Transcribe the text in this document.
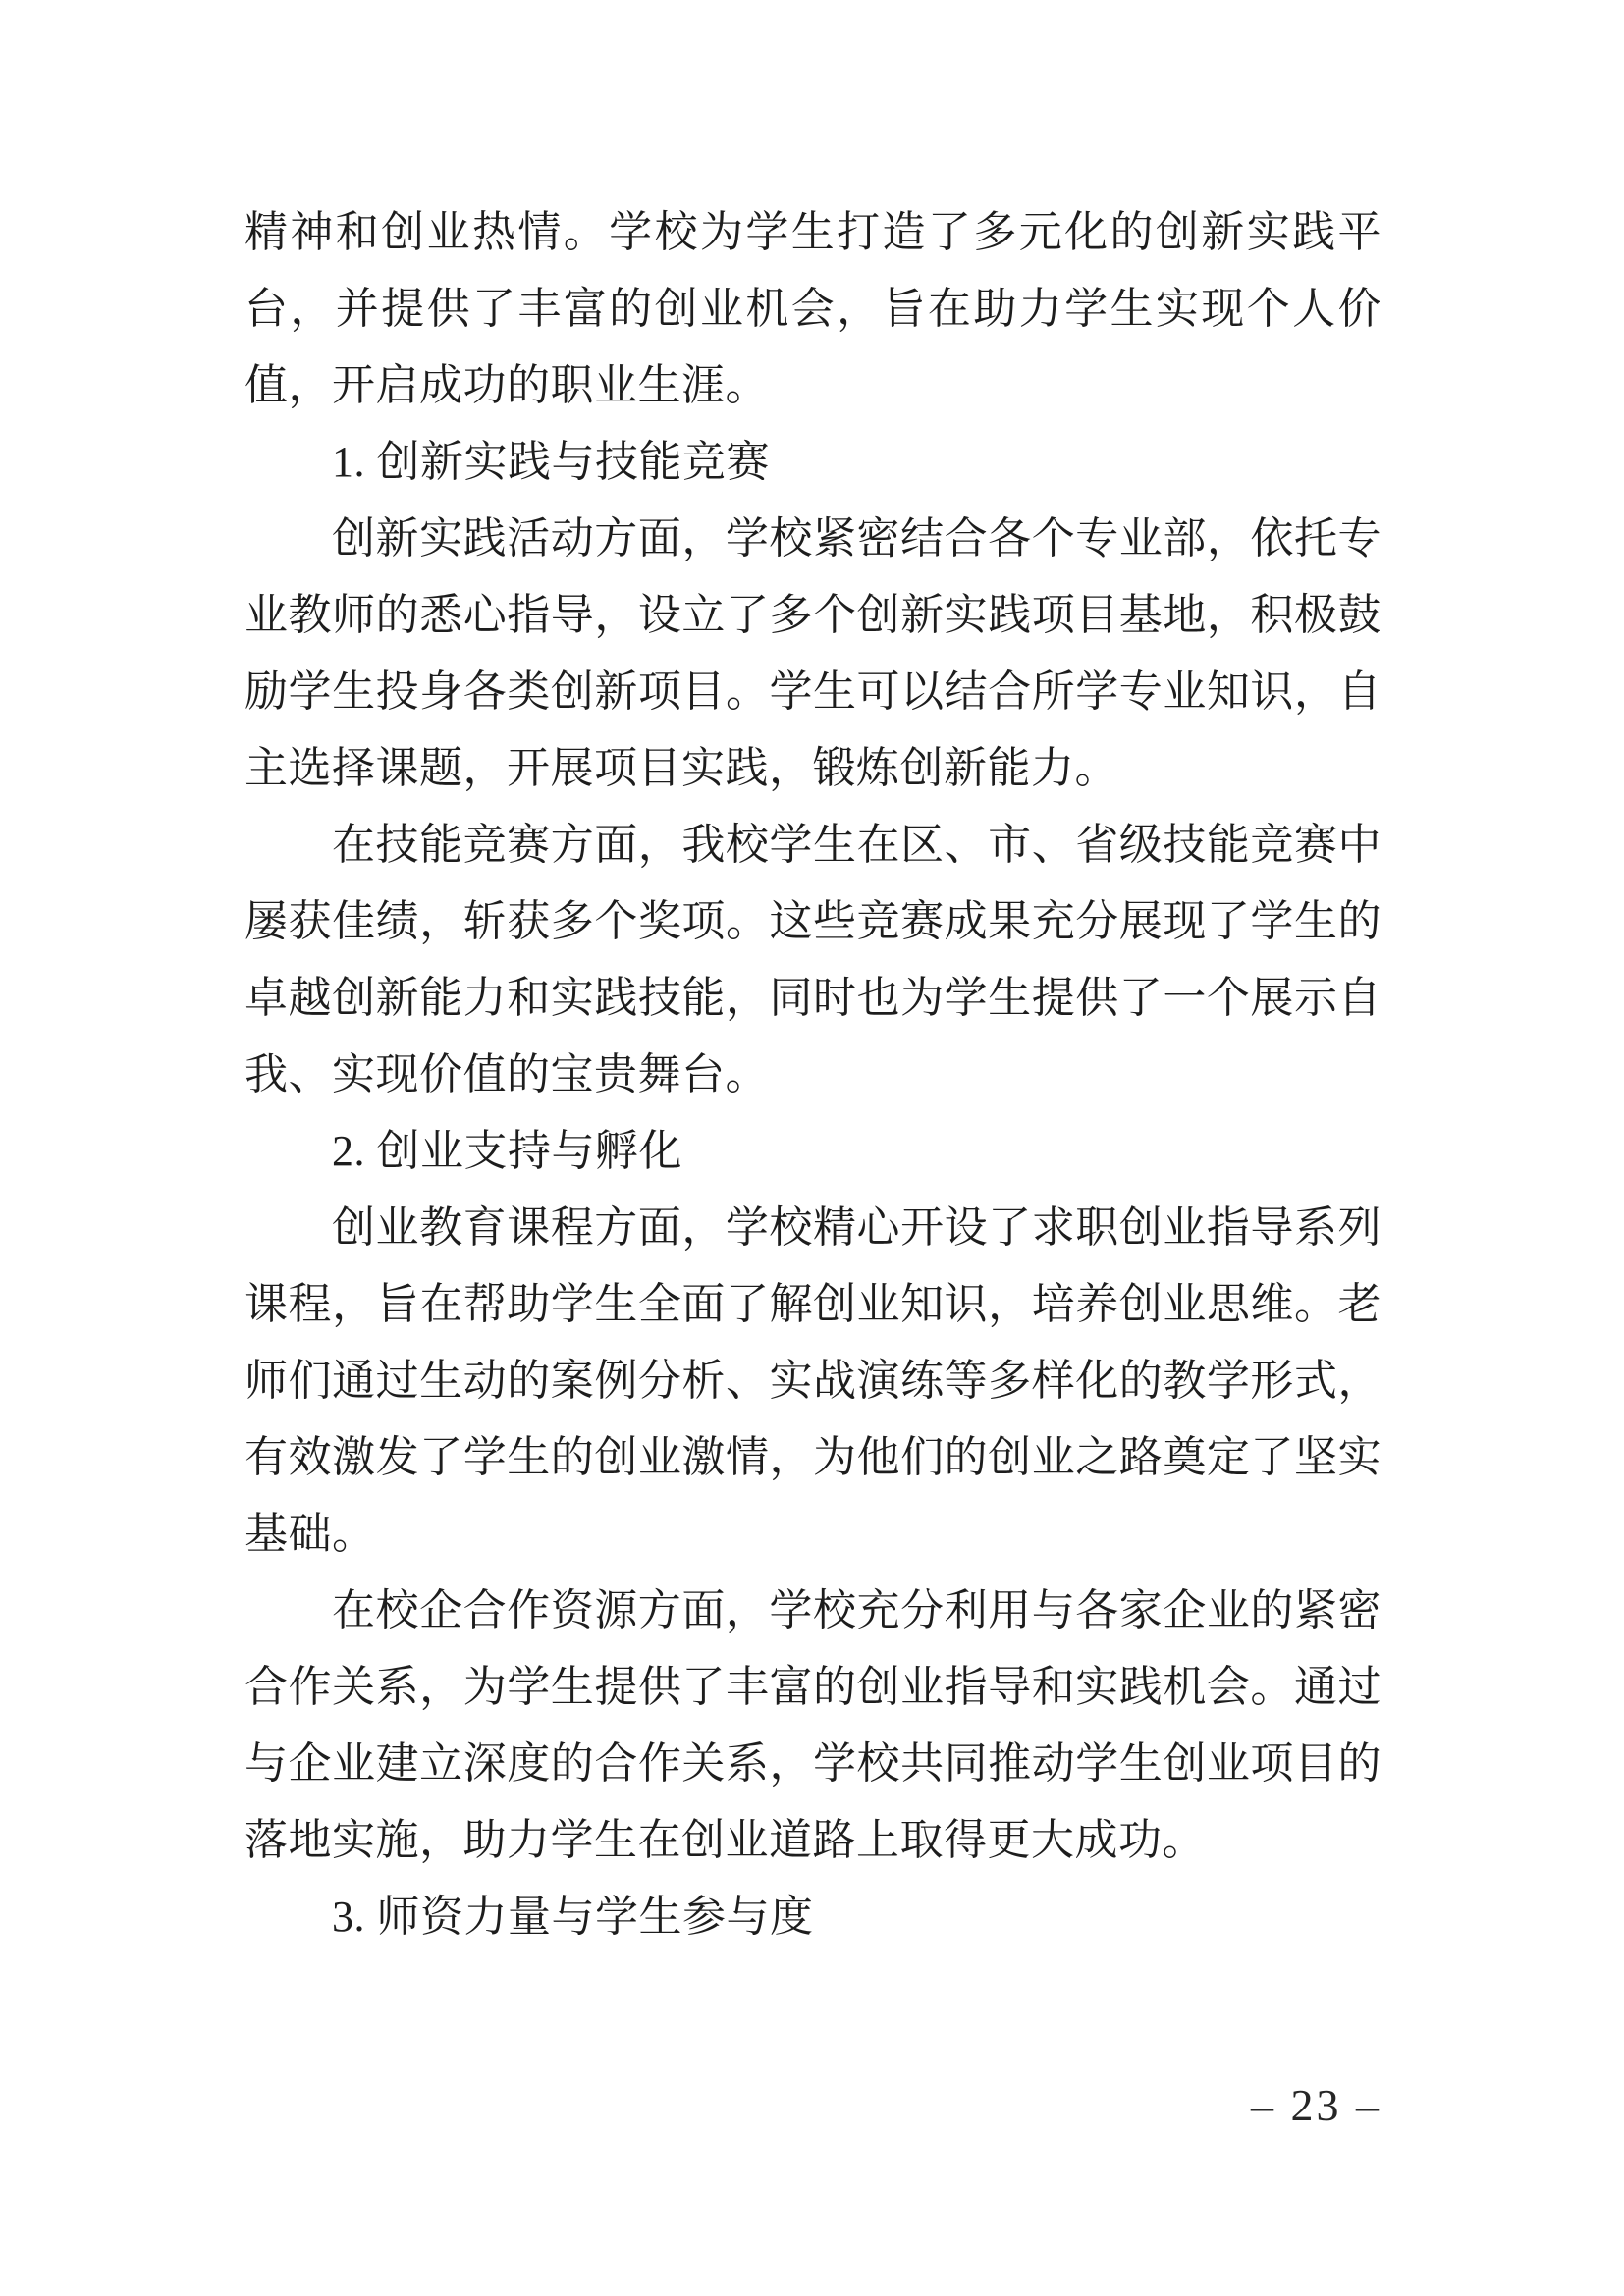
精神和创业热情。学校为学生打造了多元化的创新实践平台，并提供了丰富的创业机会，旨在助力学生实现个人价值，开启成功的职业生涯。

1. 创新实践与技能竞赛

创新实践活动方面，学校紧密结合各个专业部，依托专业教师的悉心指导，设立了多个创新实践项目基地，积极鼓励学生投身各类创新项目。学生可以结合所学专业知识，自主选择课题，开展项目实践，锻炼创新能力。

在技能竞赛方面，我校学生在区、市、省级技能竞赛中屡获佳绩，斩获多个奖项。这些竞赛成果充分展现了学生的卓越创新能力和实践技能，同时也为学生提供了一个展示自我、实现价值的宝贵舞台。

2. 创业支持与孵化

创业教育课程方面，学校精心开设了求职创业指导系列课程，旨在帮助学生全面了解创业知识，培养创业思维。老师们通过生动的案例分析、实战演练等多样化的教学形式，有效激发了学生的创业激情，为他们的创业之路奠定了坚实基础。

在校企合作资源方面，学校充分利用与各家企业的紧密合作关系，为学生提供了丰富的创业指导和实践机会。通过与企业建立深度的合作关系，学校共同推动学生创业项目的落地实施，助力学生在创业道路上取得更大成功。

3. 师资力量与学生参与度

– 23 –
